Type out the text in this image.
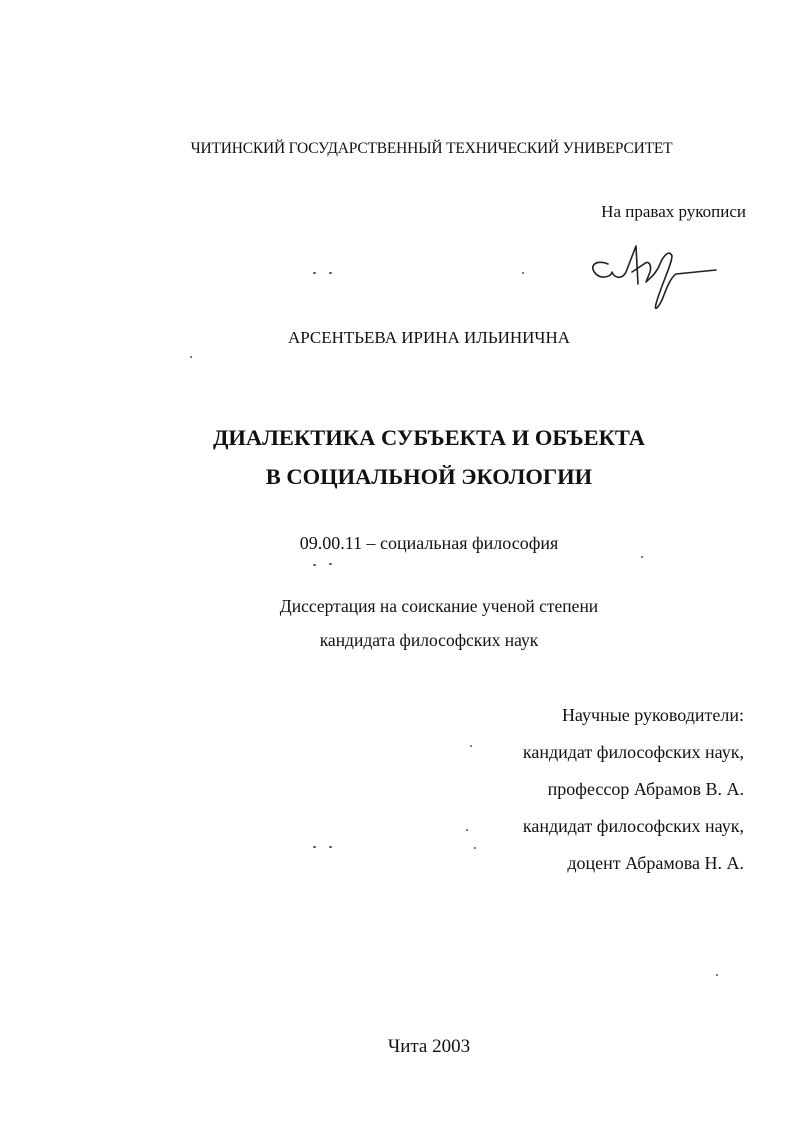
ЧИТИНСКИЙ ГОСУДАРСТВЕННЫЙ ТЕХНИЧЕСКИЙ УНИВЕРСИТЕТ
На правах рукописи
АРСЕНТЬЕВА ИРИНА ИЛЬИНИЧНА
ДИАЛЕКТИКА СУБЪЕКТА И ОБЪЕКТА
В СОЦИАЛЬНОЙ ЭКОЛОГИИ
09.00.11 – социальная философия
Диссертация на соискание ученой степени
кандидата философских наук
Научные руководители:
кандидат философских наук,
профессор Абрамов В. А.
кандидат философских наук,
доцент Абрамова Н. А.
Чита 2003
